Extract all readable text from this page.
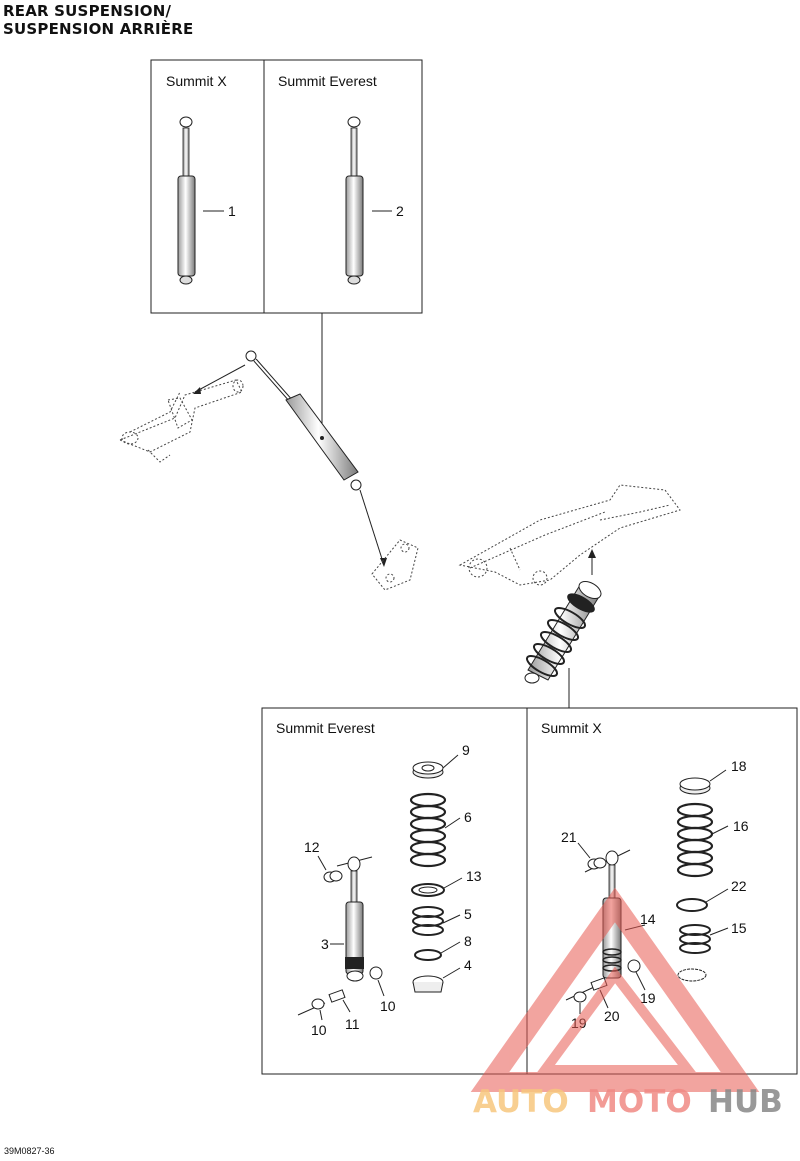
REAR SUSPENSION/
SUSPENSION ARRIÈRE
Summit X	Summit Everest
1	2
Summit Everest	Summit X
9
6
13
5
8
4
12
3
10
11
10
18
16
22
15
14
21
19
20
19
AUTO MOTO HUB
39M0827-36
